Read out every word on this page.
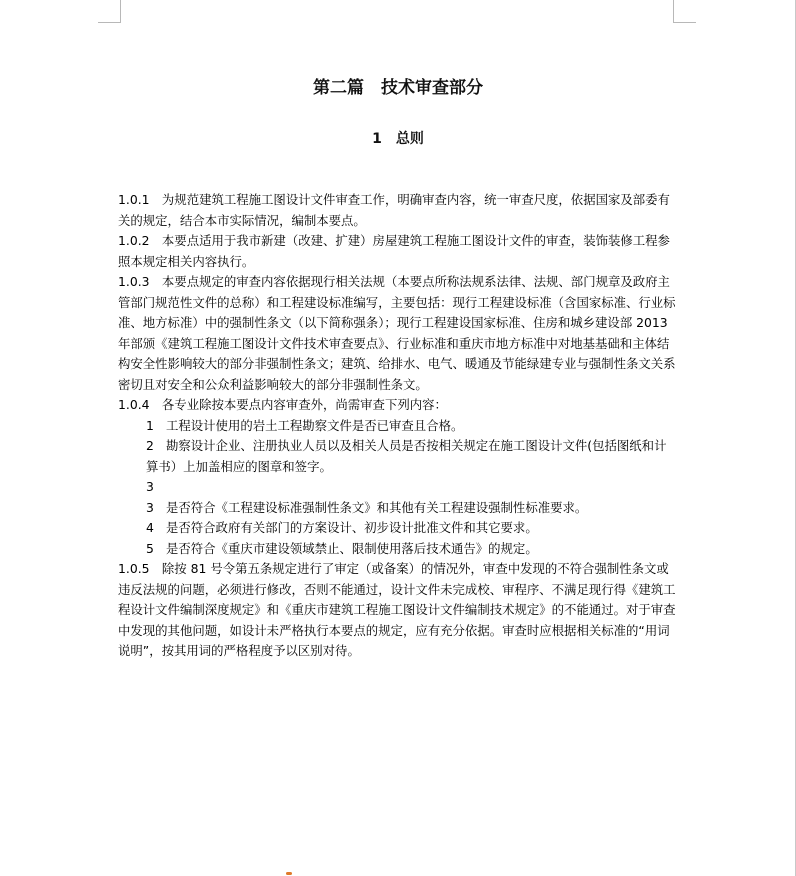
第二篇　技术审查部分
1　总则

1.0.1　为规范建筑工程施工图设计文件审查工作，明确审查内容，统一审查尺度，依据国家及部委有关的规定，结合本市实际情况，编制本要点。

1.0.2　本要点适用于我市新建（改建、扩建）房屋建筑工程施工图设计文件的审查，装饰装修工程参照本规定相关内容执行。

1.0.3　本要点规定的审查内容依据现行相关法规（本要点所称法规系法律、法规、部门规章及政府主管部门规范性文件的总称）和工程建设标准编写，主要包括：现行工程建设标准（含国家标准、行业标准、地方标准）中的强制性条文（以下简称强条）；现行工程建设国家标准、住房和城乡建设部 2013 年部颁《建筑工程施工图设计文件技术审查要点》、行业标准和重庆市地方标准中对地基基础和主体结构安全性影响较大的部分非强制性条文；建筑、给排水、电气、暖通及节能绿建专业与强制性条文关系密切且对安全和公众利益影响较大的部分非强制性条文。

1.0.4　各专业除按本要点内容审查外，尚需审查下列内容：

1 工程设计使用的岩土工程勘察文件是否已审查且合格。

2 勘察设计企业、注册执业人员以及相关人员是否按相关规定在施工图设计文件(包括图纸和计算书）上加盖相应的图章和签字。

3

3 是否符合《工程建设标准强制性条文》和其他有关工程建设强制性标准要求。

4 是否符合政府有关部门的方案设计、初步设计批准文件和其它要求。

5 是否符合《重庆市建设领域禁止、限制使用落后技术通告》的规定。

1.0.5　除按 81 号令第五条规定进行了审定（或备案）的情况外，审查中发现的不符合强制性条文或违反法规的问题，必须进行修改，否则不能通过，设计文件未完成校、审程序、不满足现行得《建筑工程设计文件编制深度规定》和《重庆市建筑工程施工图设计文件编制技术规定》的不能通过。对于审查中发现的其他问题，如设计未严格执行本要点的规定，应有充分依据。审查时应根据相关标准的“用词说明”，按其用词的严格程度予以区别对待。
